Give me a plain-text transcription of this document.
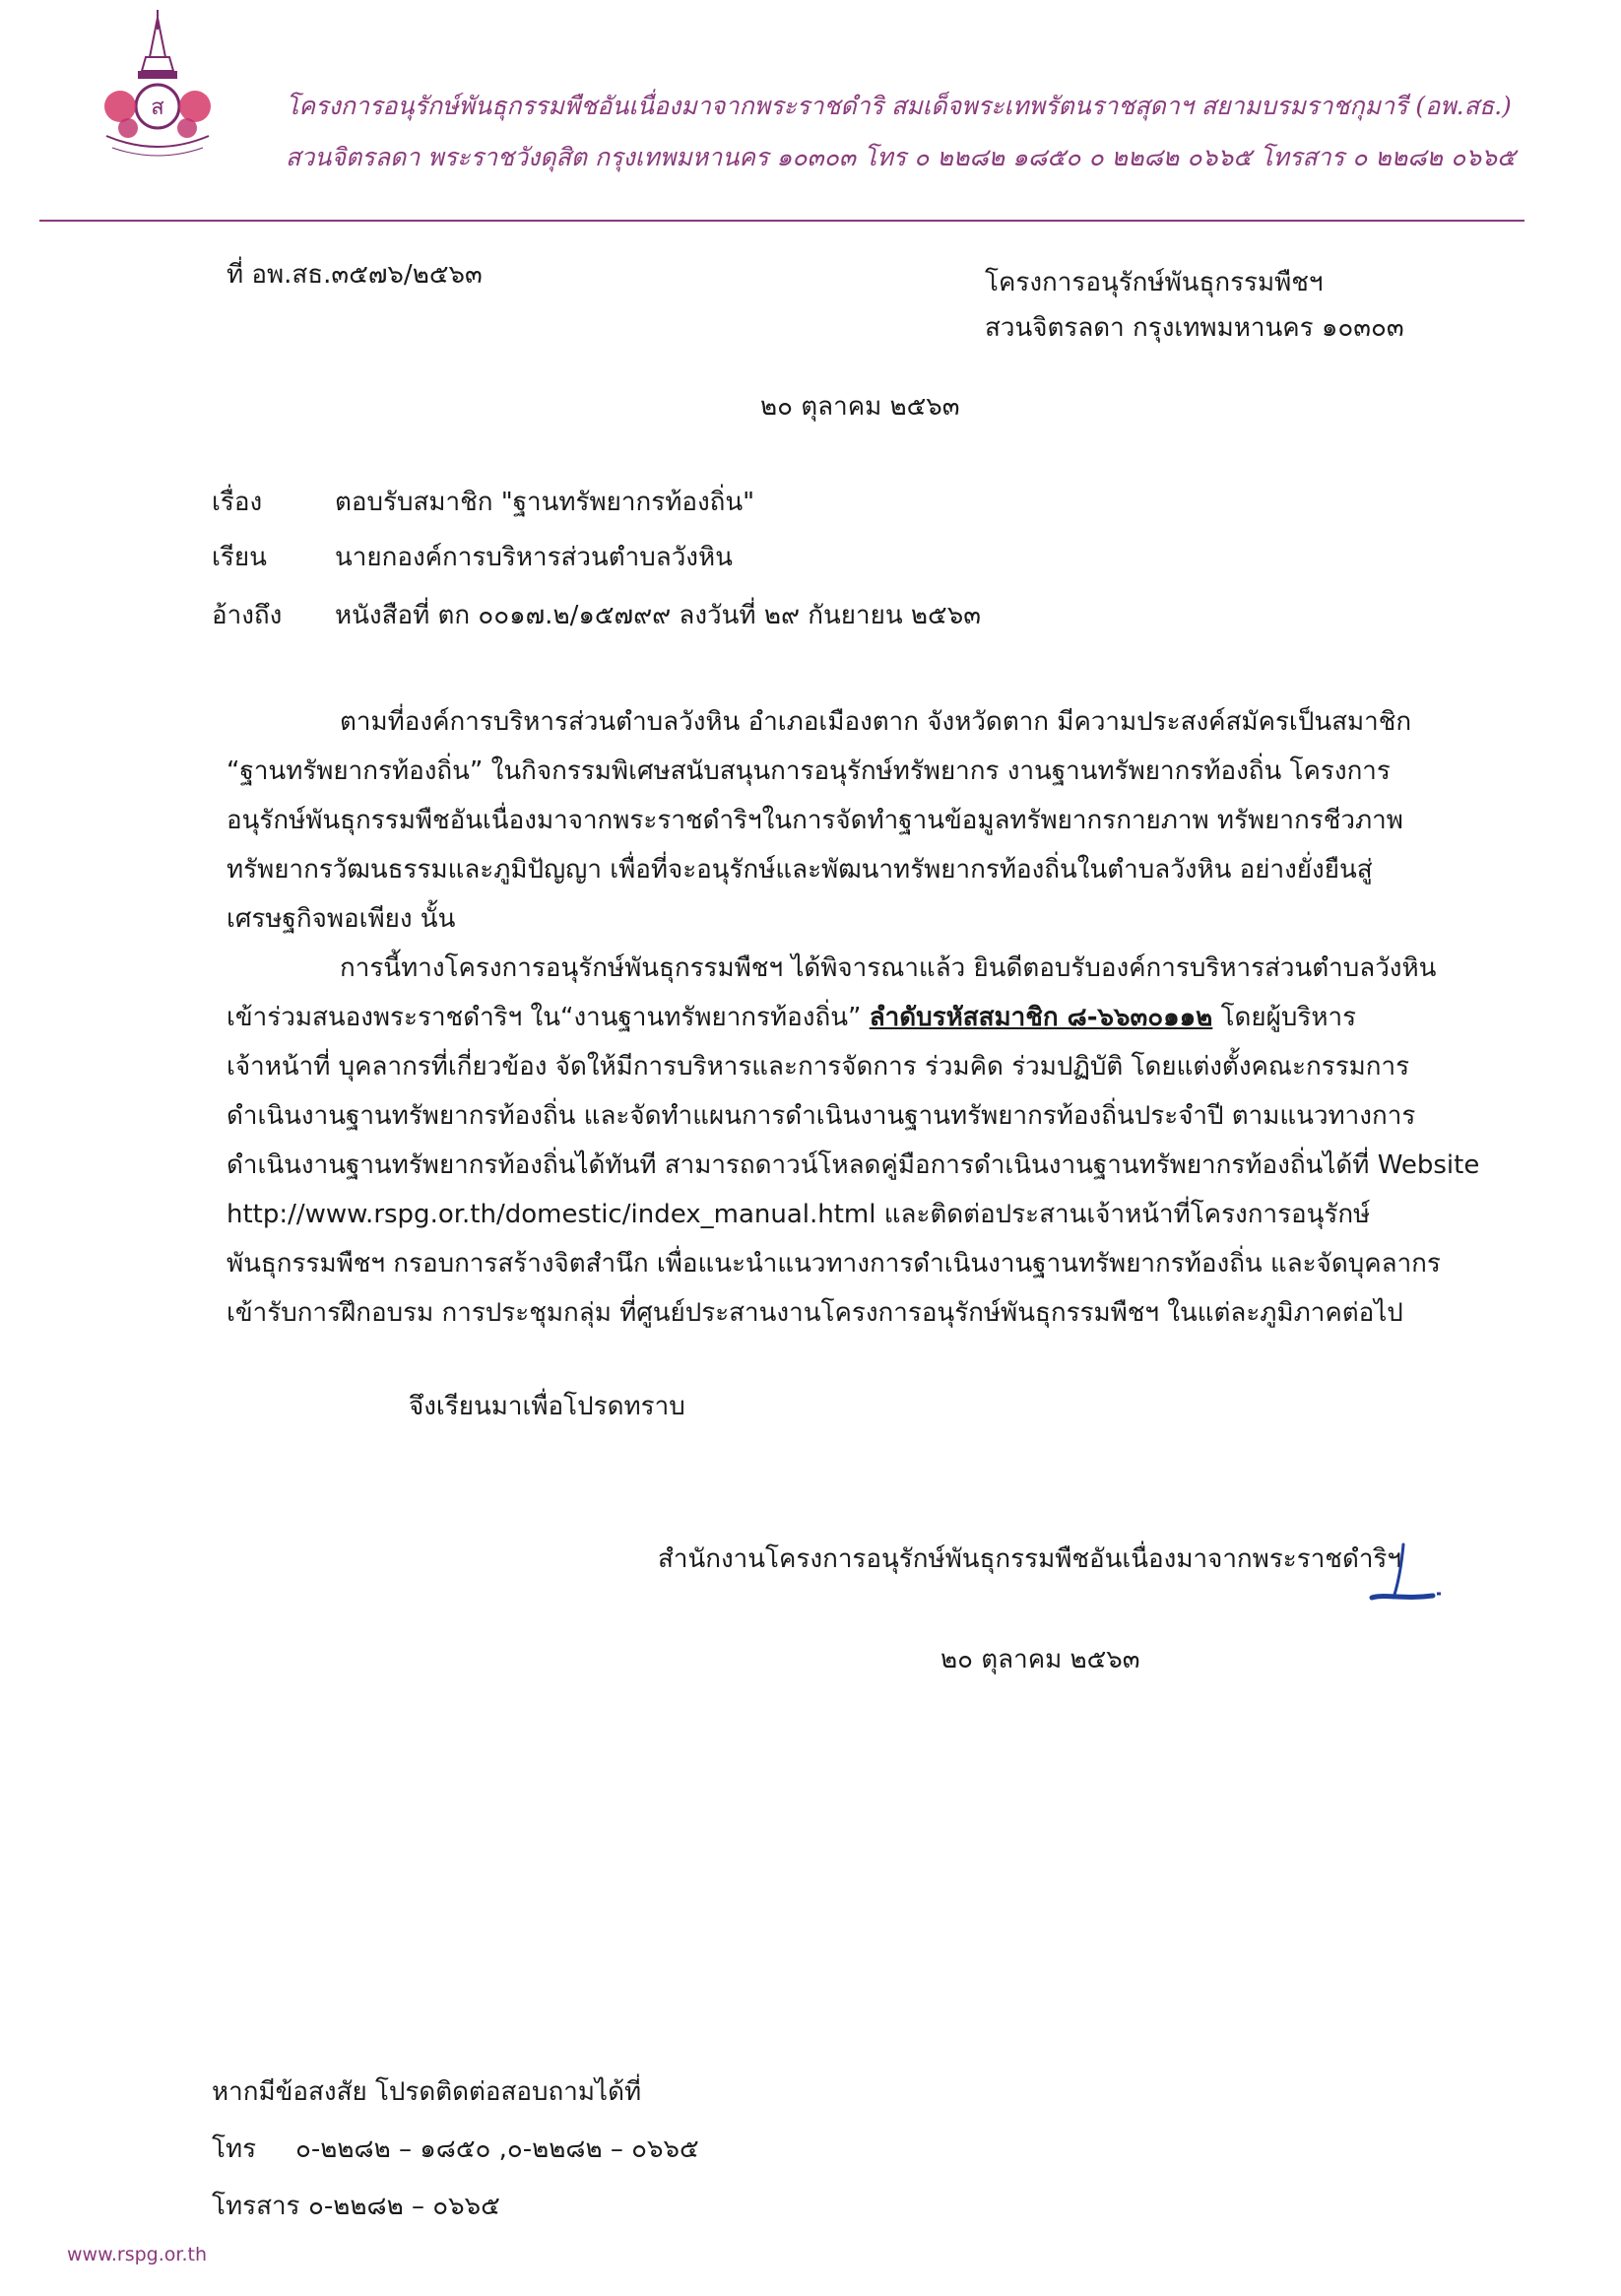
ส	โครงการอนุรักษ์พันธุกรรมพืชอันเนื่องมาจากพระราชดำริ สมเด็จพระเทพรัตนราชสุดาฯ สยามบรมราชกุมารี (อพ.สธ.)
สวนจิตรลดา พระราชวังดุสิต กรุงเทพมหานคร ๑๐๓๐๓ โทร ๐ ๒๒๘๒ ๑๘๕๐ ๐ ๒๒๘๒ ๐๖๖๕ โทรสาร ๐ ๒๒๘๒ ๐๖๖๕
ที่ อพ.สธ.๓๕๗๖/๒๕๖๓	โครงการอนุรักษ์พันธุกรรมพืชฯ
สวนจิตรลดา กรุงเทพมหานคร ๑๐๓๐๓
๒๐ ตุลาคม ๒๕๖๓
เรื่อง	ตอบรับสมาชิก "ฐานทรัพยากรท้องถิ่น"
เรียน	นายกองค์การบริหารส่วนตำบลวังหิน
อ้างถึง หนังสือที่ ตก ๐๐๑๗.๒/๑๕๗๙๙ ลงวันที่ ๒๙ กันยายน ๒๕๖๓
ตามที่องค์การบริหารส่วนตำบลวังหิน อำเภอเมืองตาก จังหวัดตาก มีความประสงค์สมัครเป็นสมาชิก
“ฐานทรัพยากรท้องถิ่น” ในกิจกรรมพิเศษสนับสนุนการอนุรักษ์ทรัพยากร งานฐานทรัพยากรท้องถิ่น โครงการ
อนุรักษ์พันธุกรรมพืชอันเนื่องมาจากพระราชดำริฯในการจัดทำฐานข้อมูลทรัพยากรกายภาพ ทรัพยากรชีวภาพ
ทรัพยากรวัฒนธรรมและภูมิปัญญา เพื่อที่จะอนุรักษ์และพัฒนาทรัพยากรท้องถิ่นในตำบลวังหิน อย่างยั่งยืนสู่
เศรษฐกิจพอเพียง นั้น
การนี้ทางโครงการอนุรักษ์พันธุกรรมพืชฯ ได้พิจารณาแล้ว ยินดีตอบรับองค์การบริหารส่วนตำบลวังหิน
เข้าร่วมสนองพระราชดำริฯ ใน“งานฐานทรัพยากรท้องถิ่น” ลำดับรหัสสมาชิก ๘-๖๖๓๐๑๑๒ โดยผู้บริหาร
เจ้าหน้าที่ บุคลากรที่เกี่ยวข้อง จัดให้มีการบริหารและการจัดการ ร่วมคิด ร่วมปฏิบัติ โดยแต่งตั้งคณะกรรมการ
ดำเนินงานฐานทรัพยากรท้องถิ่น และจัดทำแผนการดำเนินงานฐานทรัพยากรท้องถิ่นประจำปี ตามแนวทางการ
ดำเนินงานฐานทรัพยากรท้องถิ่นได้ทันที สามารถดาวน์โหลดคู่มือการดำเนินงานฐานทรัพยากรท้องถิ่นได้ที่ Website
http://www.rspg.or.th/domestic/index_manual.html และติดต่อประสานเจ้าหน้าที่โครงการอนุรักษ์
พันธุกรรมพืชฯ กรอบการสร้างจิตสำนึก เพื่อแนะนำแนวทางการดำเนินงานฐานทรัพยากรท้องถิ่น และจัดบุคลากร
เข้ารับการฝึกอบรม การประชุมกลุ่ม ที่ศูนย์ประสานงานโครงการอนุรักษ์พันธุกรรมพืชฯ ในแต่ละภูมิภาคต่อไป
จึงเรียนมาเพื่อโปรดทราบ
สำนักงานโครงการอนุรักษ์พันธุกรรมพืชอันเนื่องมาจากพระราชดำริฯ
๒๐ ตุลาคม ๒๕๖๓
หากมีข้อสงสัย โปรดติดต่อสอบถามได้ที่
โทร ๐-๒๒๘๒ – ๑๘๕๐ ,๐-๒๒๘๒ – ๐๖๖๕
โทรสาร ๐-๒๒๘๒ – ๐๖๖๕
www.rspg.or.th
